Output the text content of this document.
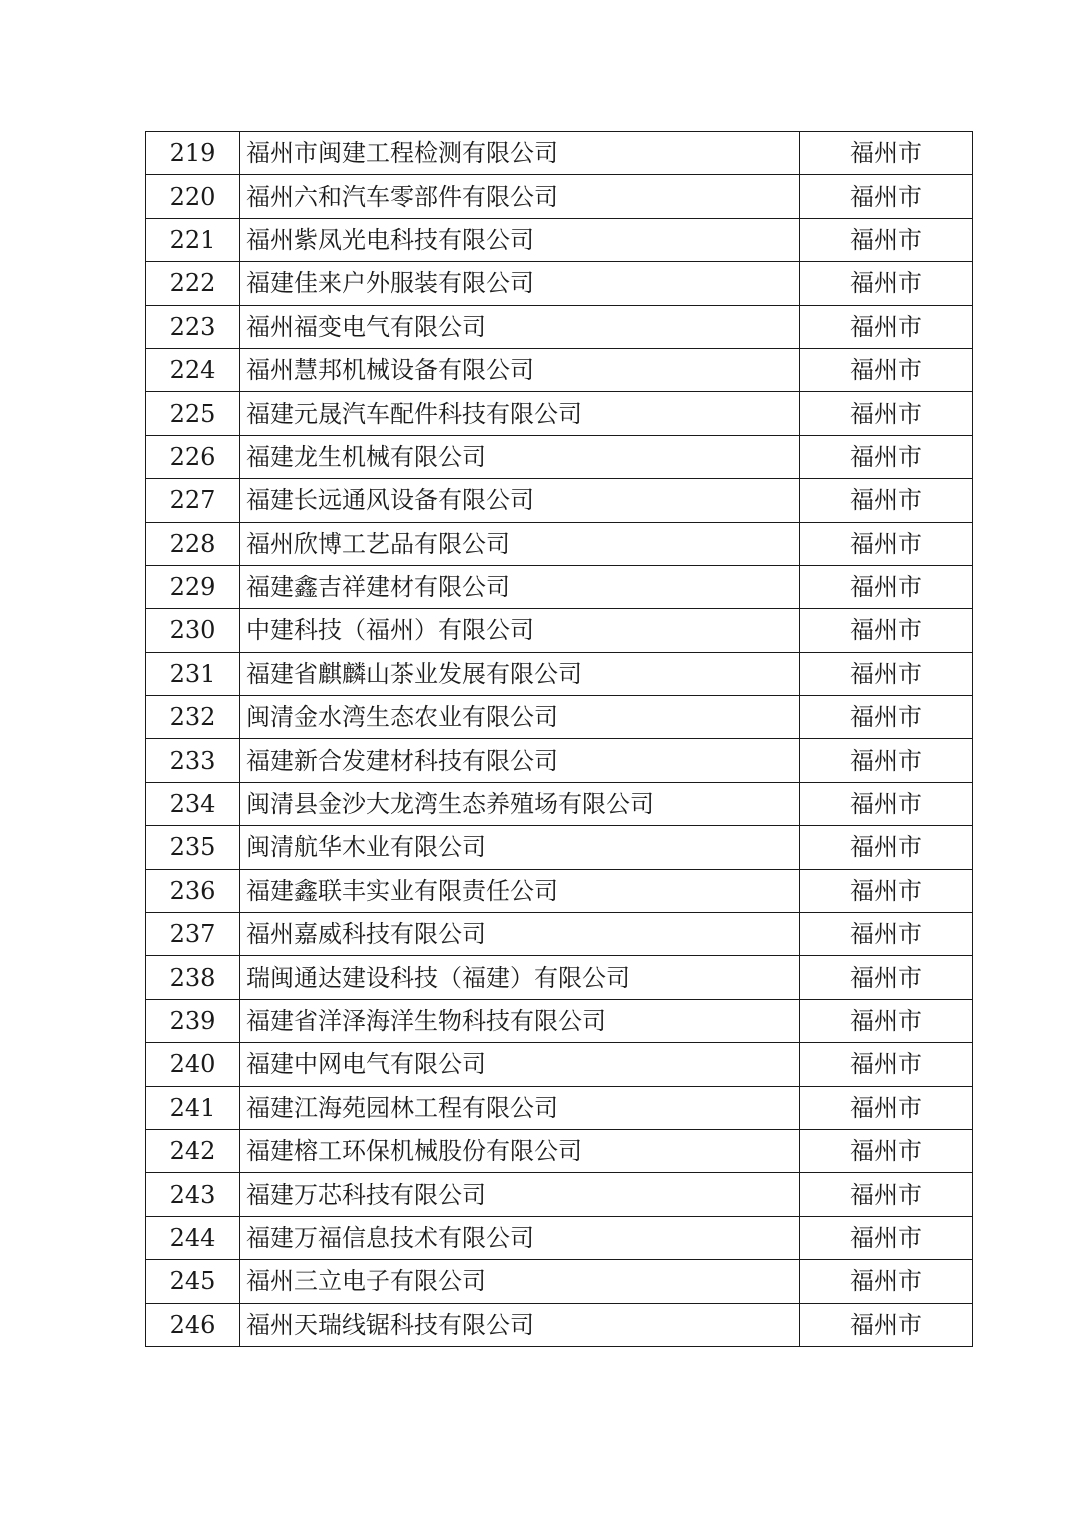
219	福州市闽建工程检测有限公司	福州市
220	福州六和汽车零部件有限公司	福州市
221	福州紫凤光电科技有限公司	福州市
222	福建佳来户外服装有限公司	福州市
223	福州福变电气有限公司	福州市
224	福州慧邦机械设备有限公司	福州市
225	福建元晟汽车配件科技有限公司	福州市
226	福建龙生机械有限公司	福州市
227	福建长远通风设备有限公司	福州市
228	福州欣博工艺品有限公司	福州市
229	福建鑫吉祥建材有限公司	福州市
230	中建科技（福州）有限公司	福州市
231	福建省麒麟山茶业发展有限公司	福州市
232	闽清金水湾生态农业有限公司	福州市
233	福建新合发建材科技有限公司	福州市
234	闽清县金沙大龙湾生态养殖场有限公司	福州市
235	闽清航华木业有限公司	福州市
236	福建鑫联丰实业有限责任公司	福州市
237	福州嘉威科技有限公司	福州市
238	瑞闽通达建设科技（福建）有限公司	福州市
239	福建省洋泽海洋生物科技有限公司	福州市
240	福建中网电气有限公司	福州市
241	福建江海苑园林工程有限公司	福州市
242	福建榕工环保机械股份有限公司	福州市
243	福建万芯科技有限公司	福州市
244	福建万福信息技术有限公司	福州市
245	福州三立电子有限公司	福州市
246	福州天瑞线锯科技有限公司	福州市
